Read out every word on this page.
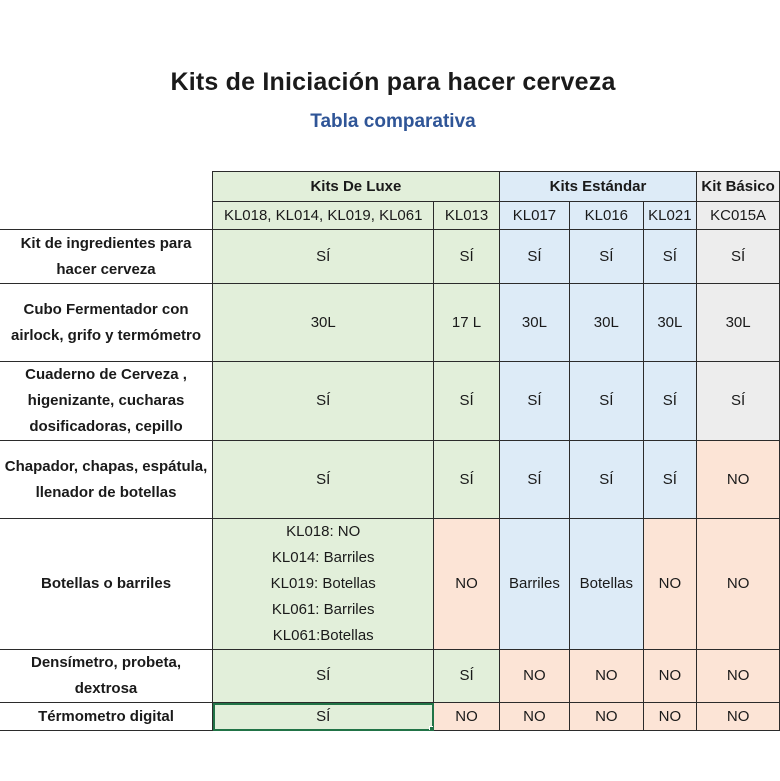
Kits de Iniciación para hacer cerveza
Tabla comparativa
	Kits De Luxe		Kits Estándar			Kit Básico
	KL018, KL014, KL019, KL061	KL013	KL017	KL016	KL021	KC015A
Kit de ingredientes para hacer cerveza	SÍ	SÍ	SÍ	SÍ	SÍ	SÍ
Cubo Fermentador con airlock, grifo y termómetro	30L	17 L	30L	30L	30L	30L
Cuaderno de Cerveza , higenizante, cucharas dosificadoras, cepillo	SÍ	SÍ	SÍ	SÍ	SÍ	SÍ
Chapador, chapas, espátula, llenador de botellas	SÍ	SÍ	SÍ	SÍ	SÍ	NO
Botellas o barriles	KL018: NO
KL014: Barriles
KL019: Botellas
KL061: Barriles
KL061:Botellas	NO	Barriles	Botellas	NO	NO
Densímetro, probeta, dextrosa	SÍ	SÍ	NO	NO	NO	NO
Térmometro digital	SÍ	NO	NO	NO	NO	NO
